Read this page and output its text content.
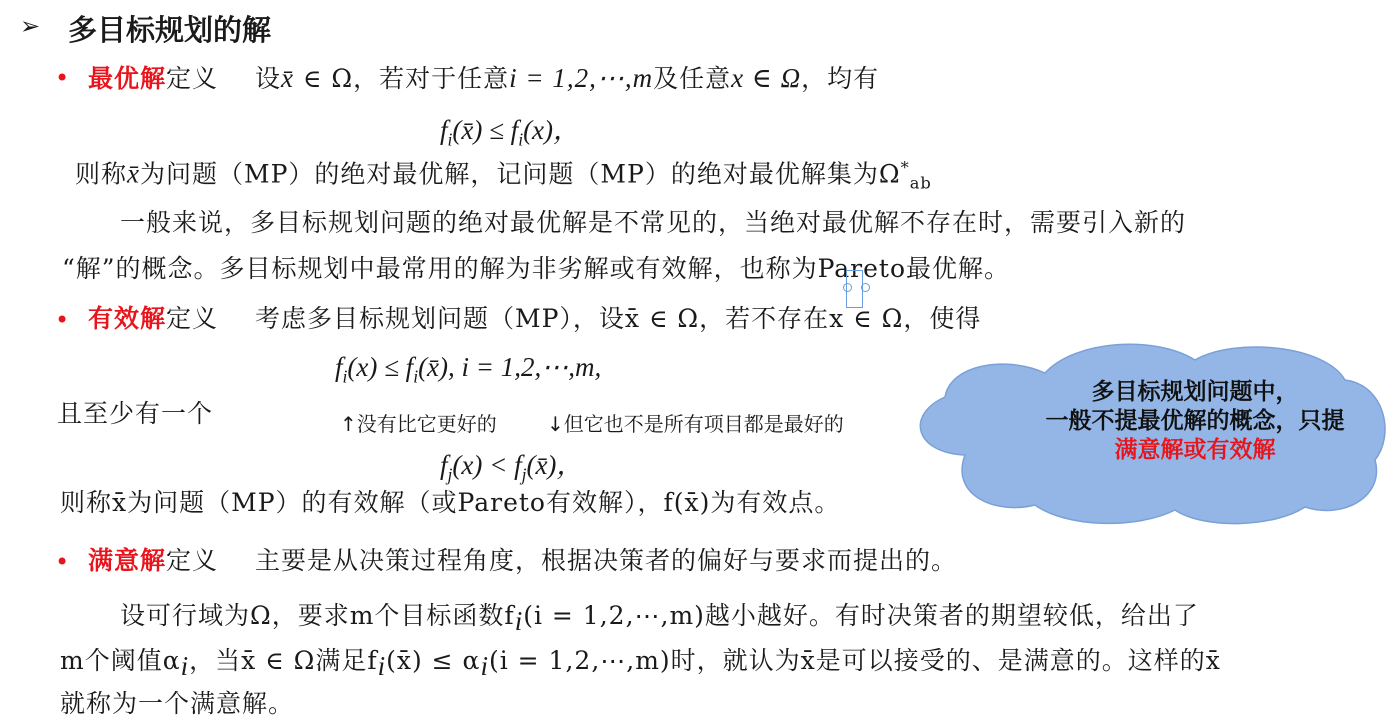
➢ 多目标规划的解
• 最优解定义 设x̄ ∈ Ω，若对于任意i = 1,2,⋯,m及任意x ∈ Ω，均有
$f_i(x̄) \le f_i(x)$，
则称x̄为问题（MP）的绝对最优解，记问题（MP）的绝对最优解集为$\Omega^*_{ab}$
一般来说，多目标规划问题的绝对最优解是不常见的，当绝对最优解不存在时，需要引入新的
“解”的概念。多目标规划中最常用的解为非劣解或有效解，也称为Pareto最优解。
• 有效解定义 考虑多目标规划问题（MP），设x̄ ∈ Ω，若不存在x ∈ Ω，使得
$f_i(x)$ ≤ $f_i(x̄)$, i = 1,2,⋯,m,
且至少有一个	↑没有比它更好的	↓但它也不是所有项目都是最好的
$f_j(x)$ < $f_j(x̄)$，
则称x̄为问题（MP）的有效解（或Pareto有效解），f(x̄)为有效点。
• 满意解定义 主要是从决策过程角度，根据决策者的偏好与要求而提出的。
设可行域为Ω，要求m个目标函数$f_i(i$ = 1,2,⋯,m)越小越好。有时决策者的期望较低，给出了
m个阈值$\alpha_i$，当x̄ ∈ Ω满足$f_i(x̄) \le \alpha_i(i$ = 1,2,⋯,m)时，就认为x̄是可以接受的、是满意的。这样的x̄
就称为一个满意解。
多目标规划问题中，
一般不提最优解的概念，只提
满意解或有效解
